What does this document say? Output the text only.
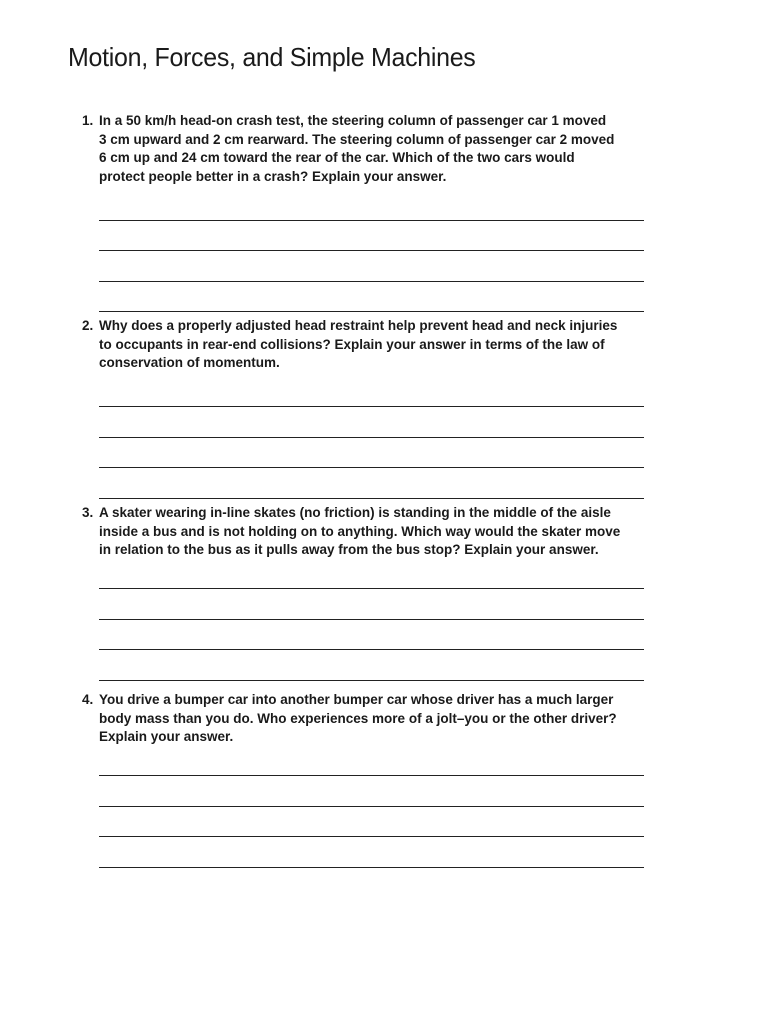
Motion, Forces, and Simple Machines
1. In a 50 km/h head-on crash test, the steering column of passenger car 1 moved
3 cm upward and 2 cm rearward. The steering column of passenger car 2 moved
6 cm up and 24 cm toward the rear of the car. Which of the two cars would
protect people better in a crash? Explain your answer.
2. Why does a properly adjusted head restraint help prevent head and neck injuries
to occupants in rear-end collisions? Explain your answer in terms of the law of
conservation of momentum.
3. A skater wearing in-line skates (no friction) is standing in the middle of the aisle
inside a bus and is not holding on to anything. Which way would the skater move
in relation to the bus as it pulls away from the bus stop? Explain your answer.
4. You drive a bumper car into another bumper car whose driver has a much larger
body mass than you do. Who experiences more of a jolt–you or the other driver?
Explain your answer.
